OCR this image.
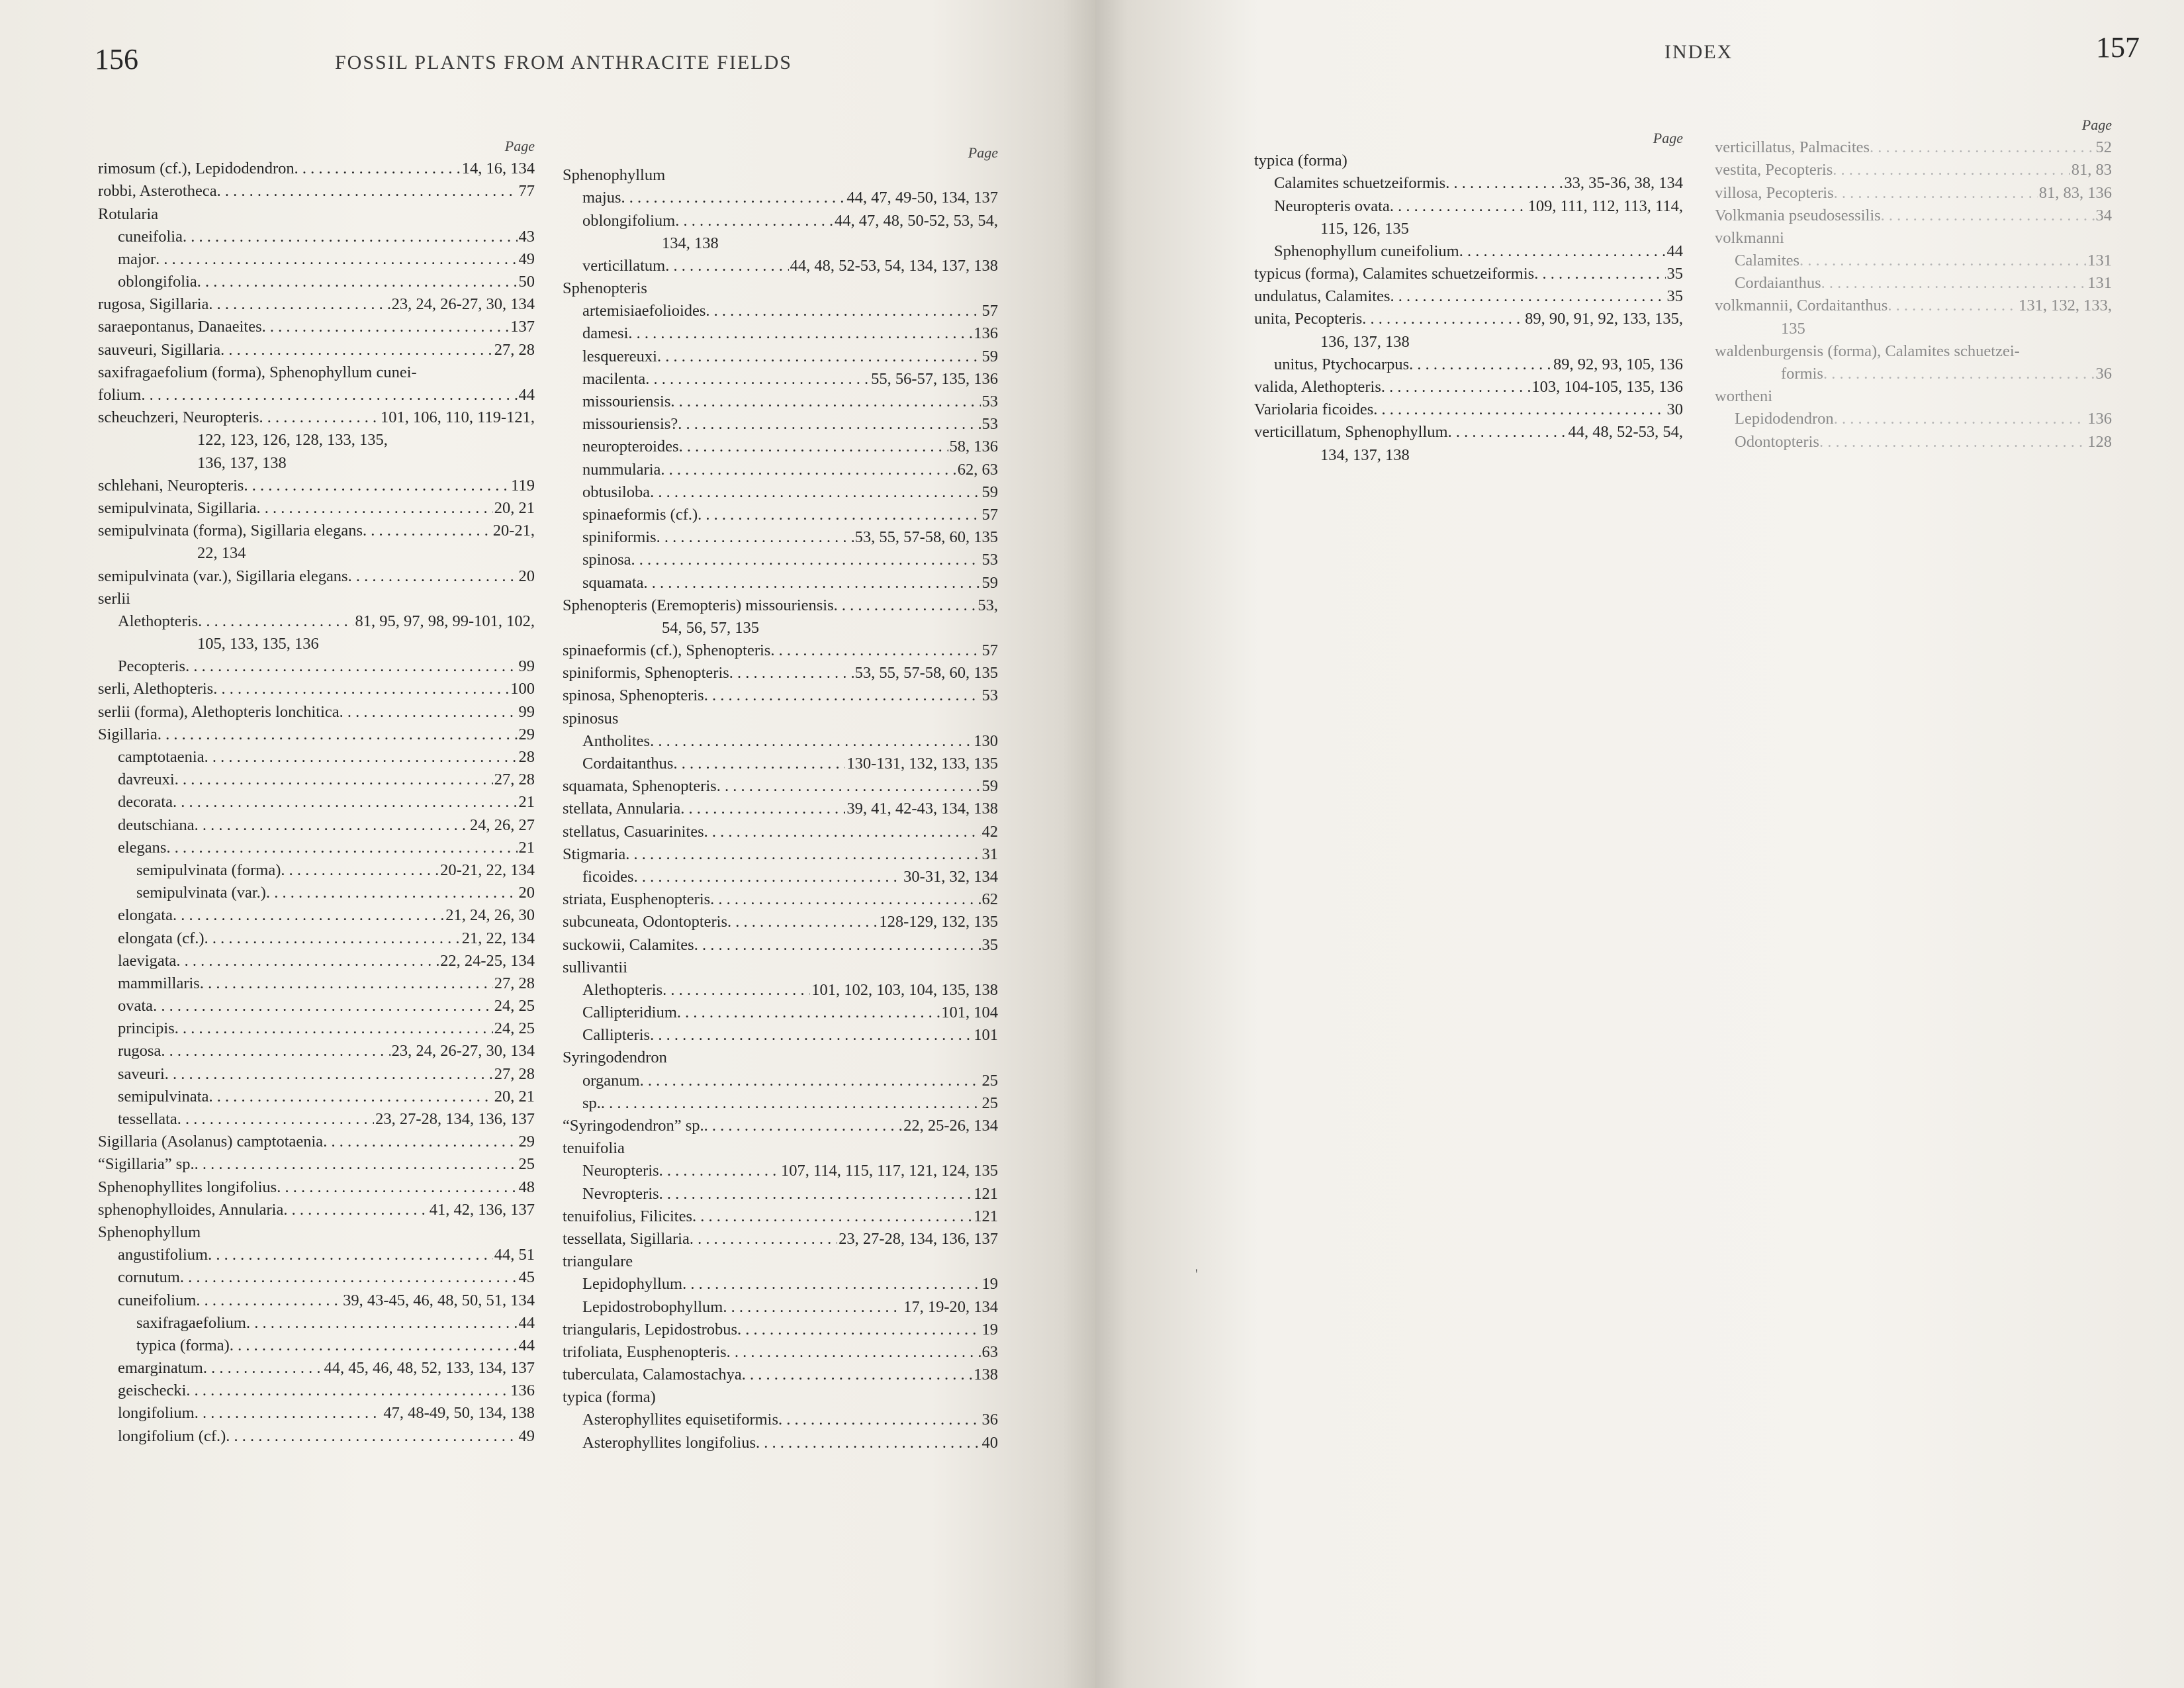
156	FOSSIL PLANTS FROM ANTHRACITE FIELDS
Page
rimosum (cf.), Lepidodendron . . .	14, 16, 134
robbi, Asterotheca . . .	77
Rotularia
cuneifolia . . .	43
major . . .	49
oblongifolia . . .	50
rugosa, Sigillaria . . .	23, 24, 26-27, 30, 134
saraepontanus, Danaeites . . .	137
sauveuri, Sigillaria . . .	27, 28
saxifragaefolium (forma), Sphenophyllum cunei-
folium . . .	44
scheuchzeri, Neuropteris . . .	101, 106, 110, 119-121,
122, 123, 126, 128, 133, 135,
136, 137, 138
schlehani, Neuropteris . . .	119
semipulvinata, Sigillaria . . .	20, 21
semipulvinata (forma), Sigillaria elegans . . .	20-21,
22, 134
semipulvinata (var.), Sigillaria elegans . . .	20
serlii
Alethopteris . . .	81, 95, 97, 98, 99-101, 102,
105, 133, 135, 136
Pecopteris . . .	99
serli, Alethopteris . . .	100
serlii (forma), Alethopteris lonchitica . . .	99
Sigillaria . . .	29
camptotaenia . . .	28
davreuxi . . .	27, 28
decorata . . .	21
deutschiana . . .	24, 26, 27
elegans . . .	21
semipulvinata (forma) . . .	20-21, 22, 134
semipulvinata (var.) . . .	20
elongata . . .	21, 24, 26, 30
elongata (cf.) . . .	21, 22, 134
laevigata . . .	22, 24-25, 134
mammillaris . . .	27, 28
ovata . . .	24, 25
principis . . .	24, 25
rugosa . . .	23, 24, 26-27, 30, 134
saveuri . . .	27, 28
semipulvinata . . .	20, 21
tessellata . . .	23, 27-28, 134, 136, 137
Sigillaria (Asolanus) camptotaenia . . .	29
“Sigillaria” sp. . . .	25
Sphenophyllites longifolius . . .	48
sphenophylloides, Annularia . . .	41, 42, 136, 137
Sphenophyllum
angustifolium . . .	44, 51
cornutum . . .	45
cuneifolium . . .	39, 43-45, 46, 48, 50, 51, 134
saxifragaefolium . . .	44
typica (forma) . . .	44
emarginatum . . .	44, 45, 46, 48, 52, 133, 134, 137
geischecki . . .	136
longifolium . . .	47, 48-49, 50, 134, 138
longifolium (cf.) . . .	49
Page
Sphenophyllum
majus . . .	44, 47, 49-50, 134, 137
oblongifolium . . .	44, 47, 48, 50-52, 53, 54,
134, 138
verticillatum . . .	44, 48, 52-53, 54, 134, 137, 138
Sphenopteris
artemisiaefolioides . . .	57
damesi . . .	136
lesquereuxi . . .	59
macilenta . . .	55, 56-57, 135, 136
missouriensis . . .	53
missouriensis? . . .	53
neuropteroides . . .	58, 136
nummularia . . .	62, 63
obtusiloba . . .	59
spinaeformis (cf.) . . .	57
spiniformis . . .	53, 55, 57-58, 60, 135
spinosa . . .	53
squamata . . .	59
Sphenopteris (Eremopteris) missouriensis . . .	53,
54, 56, 57, 135
spinaeformis (cf.), Sphenopteris . . .	57
spiniformis, Sphenopteris . . .	53, 55, 57-58, 60, 135
spinosa, Sphenopteris . . .	53
spinosus
Antholites . . .	130
Cordaitanthus . . .	130-131, 132, 133, 135
squamata, Sphenopteris . . .	59
stellata, Annularia . . .	39, 41, 42-43, 134, 138
stellatus, Casuarinites . . .	42
Stigmaria . . .	31
ficoides . . .	30-31, 32, 134
striata, Eusphenopteris . . .	62
subcuneata, Odontopteris . . .	128-129, 132, 135
suckowii, Calamites . . .	35
sullivantii
Alethopteris . . .	101, 102, 103, 104, 135, 138
Callipteridium . . .	101, 104
Callipteris . . .	101
Syringodendron
organum . . .	25
sp. . . .	25
“Syringodendron” sp. . . .	22, 25-26, 134
tenuifolia
Neuropteris . . .	107, 114, 115, 117, 121, 124, 135
Nevropteris . . .	121
tenuifolius, Filicites . . .	121
tessellata, Sigillaria . . .	23, 27-28, 134, 136, 137
triangulare
Lepidophyllum . . .	19
Lepidostrobophyllum . . .	17, 19-20, 134
triangularis, Lepidostrobus . . .	19
trifoliata, Eusphenopteris . . .	63
tuberculata, Calamostachya . . .	138
typica (forma)
Asterophyllites equisetiformis . . .	36
Asterophyllites longifolius . . .	40
INDEX	157
Page
typica (forma)
Calamites schuetzeiformis . . .	33, 35-36, 38, 134
Neuropteris ovata . . .	109, 111, 112, 113, 114,
115, 126, 135
Sphenophyllum cuneifolium . . .	44
typicus (forma), Calamites schuetzeiformis . . .	35
undulatus, Calamites . . .	35
unita, Pecopteris . . .	89, 90, 91, 92, 133, 135,
136, 137, 138
unitus, Ptychocarpus . . .	89, 92, 93, 105, 136
valida, Alethopteris . . .	103, 104-105, 135, 136
Variolaria ficoides . . .	30
verticillatum, Sphenophyllum . . .	44, 48, 52-53, 54,
134, 137, 138
Page
verticillatus, Palmacites . . .	52
vestita, Pecopteris . . .	81, 83
villosa, Pecopteris . . .	81, 83, 136
Volkmania pseudosessilis . . .	34
volkmanni
Calamites . . .	131
Cordaianthus . . .	131
volkmannii, Cordaitanthus . . .	131, 132, 133,
135
waldenburgensis (forma), Calamites schuetzei-
formis . . .	36
wortheni
Lepidodendron . . .	136
Odontopteris . . .	128
'
